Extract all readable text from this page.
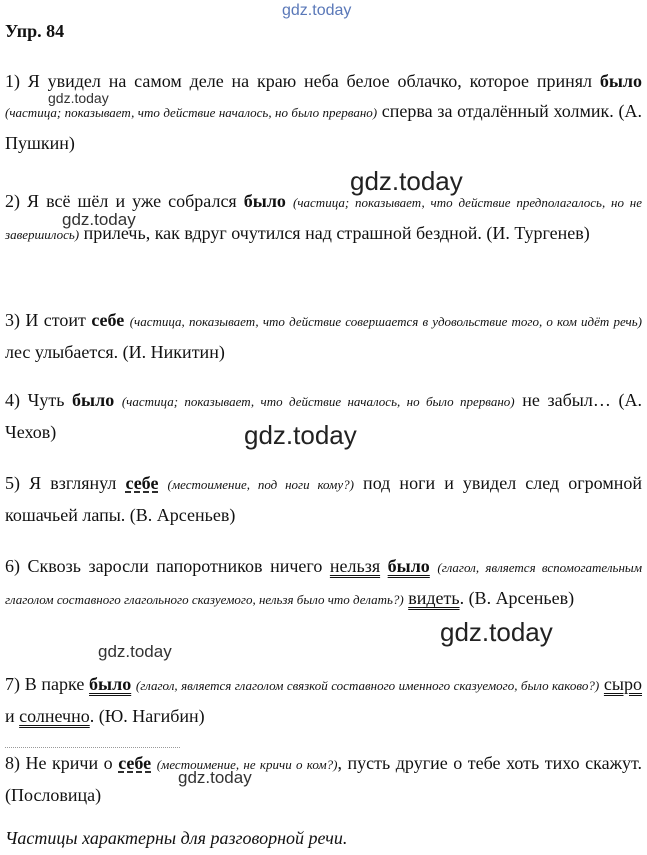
gdz.today
Упр. 84
1) Я увидел на самом деле на краю неба белое облачко, которое принял было (частица; показывает, что действие началось, но было прервано) сперва за отдалённый холмик. (А. Пушкин)
gdz.today
2) Я всё шёл и уже собрался было (частица; показывает, что действие предполагалось, но не завершилось) прилечь, как вдруг очутился над страшной бездной. (И. Тургенев)
gdz.today
gdz.today
3) И стоит себе (частица, показывает, что действие совершается в удовольствие того, о ком идёт речь) лес улыбается. (И. Никитин)
4) Чуть было (частица; показывает, что действие началось, но было прервано) не забыл… (А. Чехов)	gdz.today
5) Я взглянул себе (местоимение, под ноги кому?) под ноги и увидел след огромной кошачьей лапы. (В. Арсеньев)
6) Сквозь заросли папоротников ничего нельзя было (глагол, является вспомогательным глаголом составного глагольного сказуемого, нельзя было что делать?) видеть. (В. Арсеньев)
gdz.today
gdz.today
7) В парке было (глагол, является глаголом связкой составного именного сказуемого, было каково?) сыро и солнечно. (Ю. Нагибин)
8) Не кричи о себе (местоимение, не кричи о ком?), пусть другие о тебе хоть тихо скажут. (Пословица)
gdz.today
Частицы характерны для разговорной речи.
